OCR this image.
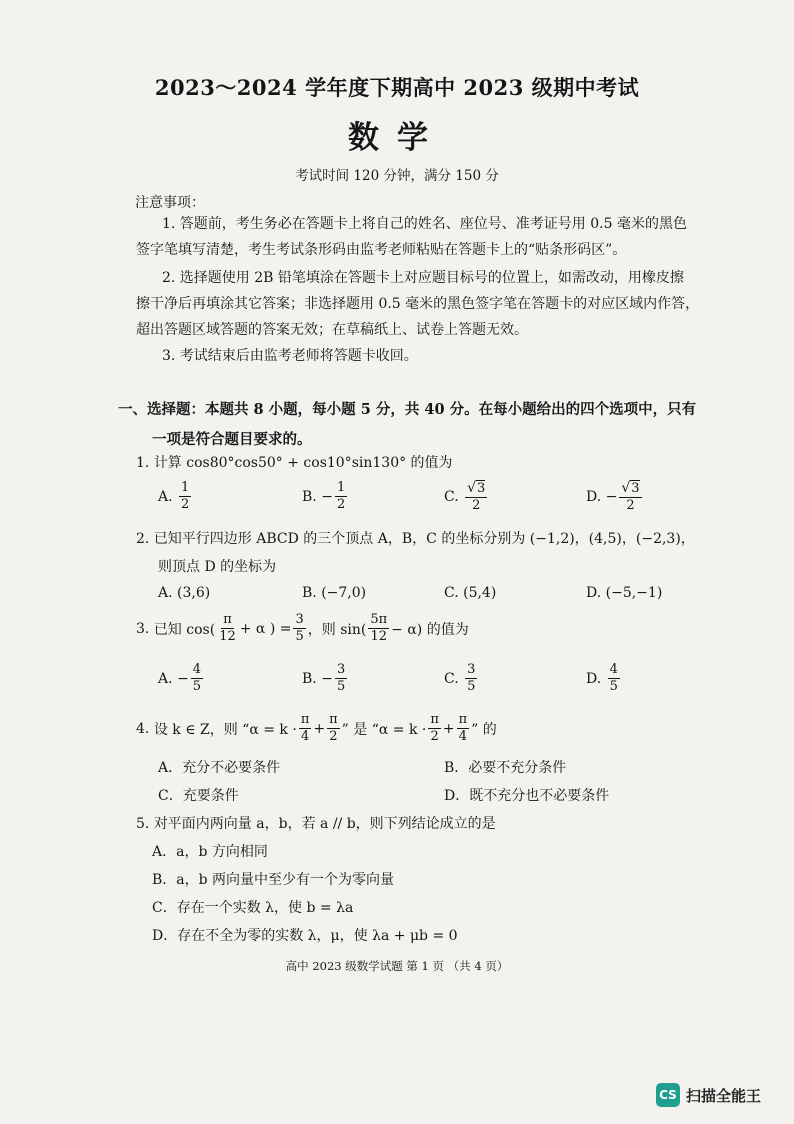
2023～2024 学年度下期高中 2023 级期中考试
数学
考试时间 120 分钟，满分 150 分
注意事项：
1. 答题前，考生务必在答题卡上将自己的姓名、座位号、准考证号用 0.5 毫米的黑色
签字笔填写清楚，考生考试条形码由监考老师粘贴在答题卡上的“贴条形码区”。
2. 选择题使用 2B 铅笔填涂在答题卡上对应题目标号的位置上，如需改动，用橡皮擦
擦干净后再填涂其它答案；非选择题用 0.5 毫米的黑色签字笔在答题卡的对应区域内作答，
超出答题区域答题的答案无效；在草稿纸上、试卷上答题无效。
3. 考试结束后由监考老师将答题卡收回。
一、选择题：本题共 8 小题，每小题 5 分，共 40 分。在每小题给出的四个选项中，只有
一项是符合题目要求的。
1. 计算 cos80°cos50° + cos10°sin130° 的值为
A.
$\frac{1}{2}$	B.
− $\frac{1}{2}$	C.
$\frac{√3}{2}$	D.
− $\frac{√3}{2}$
2. 已知平行四边形 ABCD 的三个顶点 A，B，C 的坐标分别为 (−1,2)，(4,5)，(−2,3)，
则顶点 D 的坐标为
A. (3,6)	B. (−7,0)	C. (5,4)	D. (−5,−1)
3.
已知 $\cos( \frac{\pi}{12} + \alpha$ ) = $\frac{3}{5}$ ，则 $\sin( \frac{5\pi}{12} - \alpha)$ 的值为
A.
− $\frac{4}{5}$	B.
− $\frac{3}{5}$	C.
$\frac{3}{5}$	D.
$\frac{4}{5}$
4.
设 k ∈ Z，则 “$\alpha = k \cdot \frac{\pi}{4} + \frac{\pi}{2}$ ” 是 “$\alpha = k \cdot \frac{\pi}{2} + \frac{\pi}{4}$ ” 的
A．充分不必要条件	B．必要不充分条件
C．充要条件	D．既不充分也不必要条件
5. 对平面内两向量 a，b，若 a // b，则下列结论成立的是
A．a，b 方向相同
B．a，b 两向量中至少有一个为零向量
C．存在一个实数 λ，使 b = λa
D．存在不全为零的实数 λ，μ，使 λa + μb = 0
高中 2023 级数学试题 第 1 页 （共 4 页）
CS 扫描全能王
